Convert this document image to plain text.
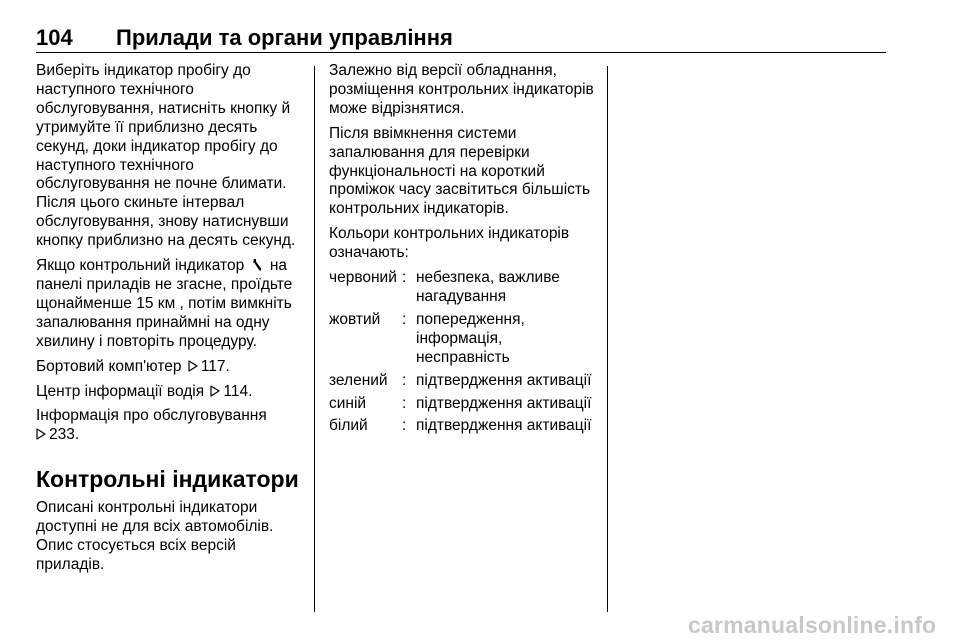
104 Прилади та органи управління

Виберіть індикатор пробігу до наступного технічного обслуговування, натисніть кнопку й утримуйте її приблизно десять секунд, доки індикатор пробігу до наступного технічного обслуговування не почне блимати. Після цього скиньте інтервал обслуговування, знову натиснувши кнопку приблизно на десять секунд.

Якщо контрольний індикатор на панелі приладів не згасне, проїдьте щонайменше 15 км , потім вимкніть запалювання принаймні на одну хвилину і повторіть процедуру.

Бортовий комп'ютер 117.

Центр інформації водія 114.

Інформація про обслуговування
233.

Контрольні індикатори

Описані контрольні індикатори доступні не для всіх автомобілів. Опис стосується всіх версій приладів.

Залежно від версії обладнання, розміщення контрольних індикаторів може відрізнятися.

Після ввімкнення системи запалювання для перевірки функціональності на короткий проміжок часу засвітиться більшість контрольних індикаторів.

Кольори контрольних індикаторів означають:

червоний : небезпека, важливе нагадування
жовтий	: попередження, інформація, несправність
зелений : підтвердження активації
синій	: підтвердження активації
білий	: підтвердження активації
carmanualsonline.info
